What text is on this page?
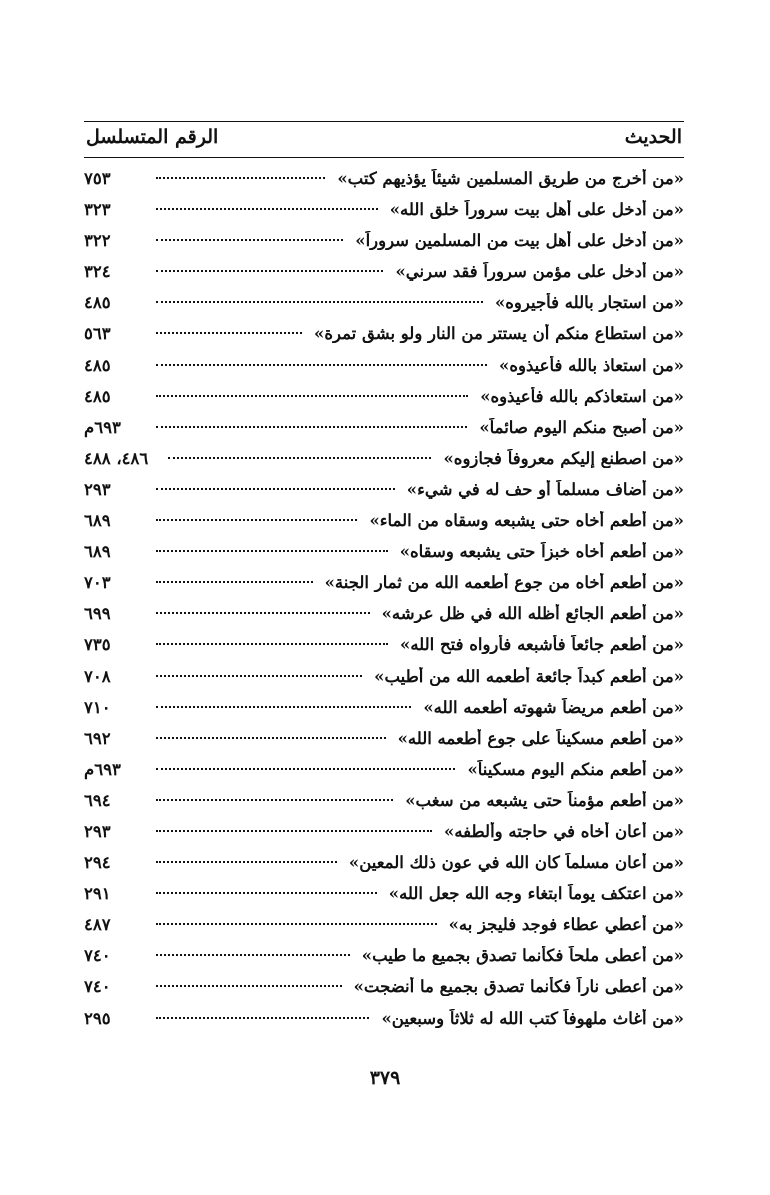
الحديث
الرقم المتسلسل
«من أخرج من طريق المسلمين شيئاً يؤذيهم كتب»
٧٥٣
«من أدخل على أهل بيت سروراً خلق الله»
٣٢٣
«من أدخل على أهل بيت من المسلمين سروراً»
٣٢٢
«من أدخل على مؤمن سروراً فقد سرني»
٣٢٤
«من استجار بالله فأجيروه»
٤٨٥
«من استطاع منكم أن يستتر من النار ولو بشق تمرة»
٥٦٣
«من استعاذ بالله فأعيذوه»
٤٨٥
«من استعاذكم بالله فأعيذوه»
٤٨٥
«من أصبح منكم اليوم صائماً»
٦٩٣م
«من اصطنع إليكم معروفاً فجازوه»
٤٨٦، ٤٨٨
«من أضاف مسلماً أو حف له في شيء»
٢٩٣
«من أطعم أخاه حتى يشبعه وسقاه من الماء»
٦٨٩
«من أطعم أخاه خبزاً حتى يشبعه وسقاه»
٦٨٩
«من أطعم أخاه من جوع أطعمه الله من ثمار الجنة»
٧٠٣
«من أطعم الجائع أظله الله في ظل عرشه»
٦٩٩
«من أطعم جائعاً فأشبعه فأرواه فتح الله»
٧٣٥
«من أطعم كبداً جائعة أطعمه الله من أطيب»
٧٠٨
«من أطعم مريضاً شهوته أطعمه الله»
٧١٠
«من أطعم مسكيناً على جوع أطعمه الله»
٦٩٢
«من أطعم منكم اليوم مسكيناً»
٦٩٣م
«من أطعم مؤمناً حتى يشبعه من سغب»
٦٩٤
«من أعان أخاه في حاجته وألطفه»
٢٩٣
«من أعان مسلماً كان الله في عون ذلك المعين»
٢٩٤
«من اعتكف يوماً ابتغاء وجه الله جعل الله»
٢٩١
«من أعطي عطاء فوجد فليجز به»
٤٨٧
«من أعطى ملحاً فكأنما تصدق بجميع ما طيب»
٧٤٠
«من أعطى ناراً فكأنما تصدق بجميع ما أنضجت»
٧٤٠
«من أغاث ملهوفاً كتب الله له ثلاثاً وسبعين»
٢٩٥
٣٧٩
